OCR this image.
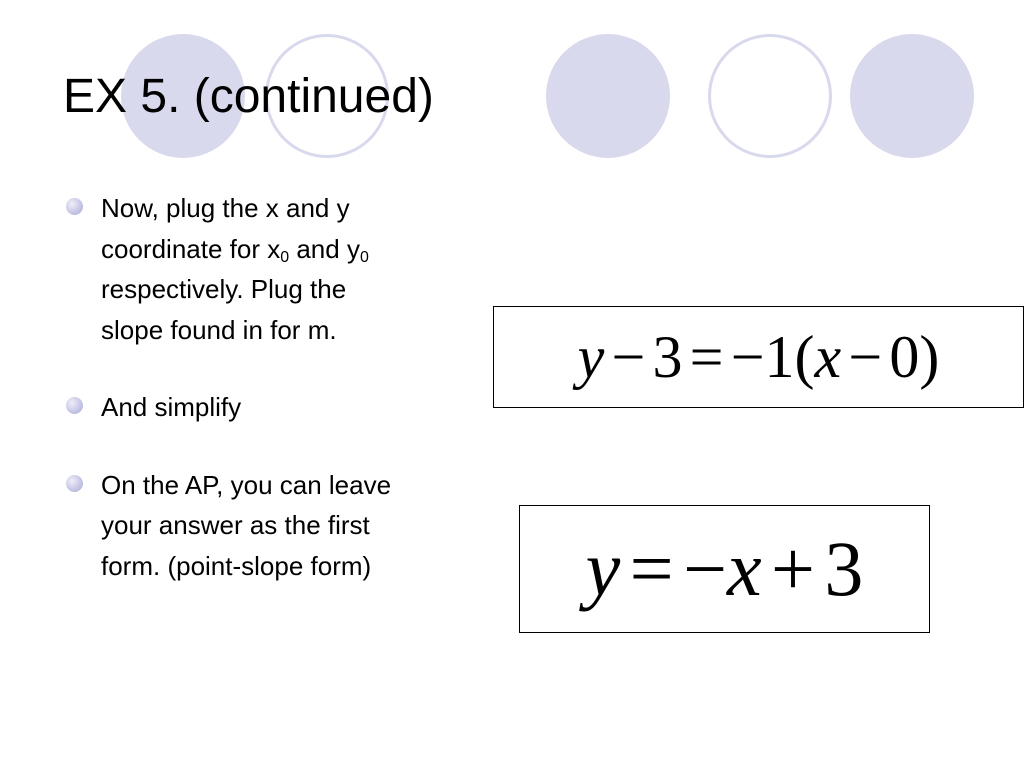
EX 5. (continued)
Now, plug the x and y
coordinate for $x_0$ and $y_0$
respectively. Plug the
slope found in for m.
And simplify
On the AP, you can leave
your answer as the first
form. (point-slope form)
y − 3 = −1( x − 0)
y = − x + 3
